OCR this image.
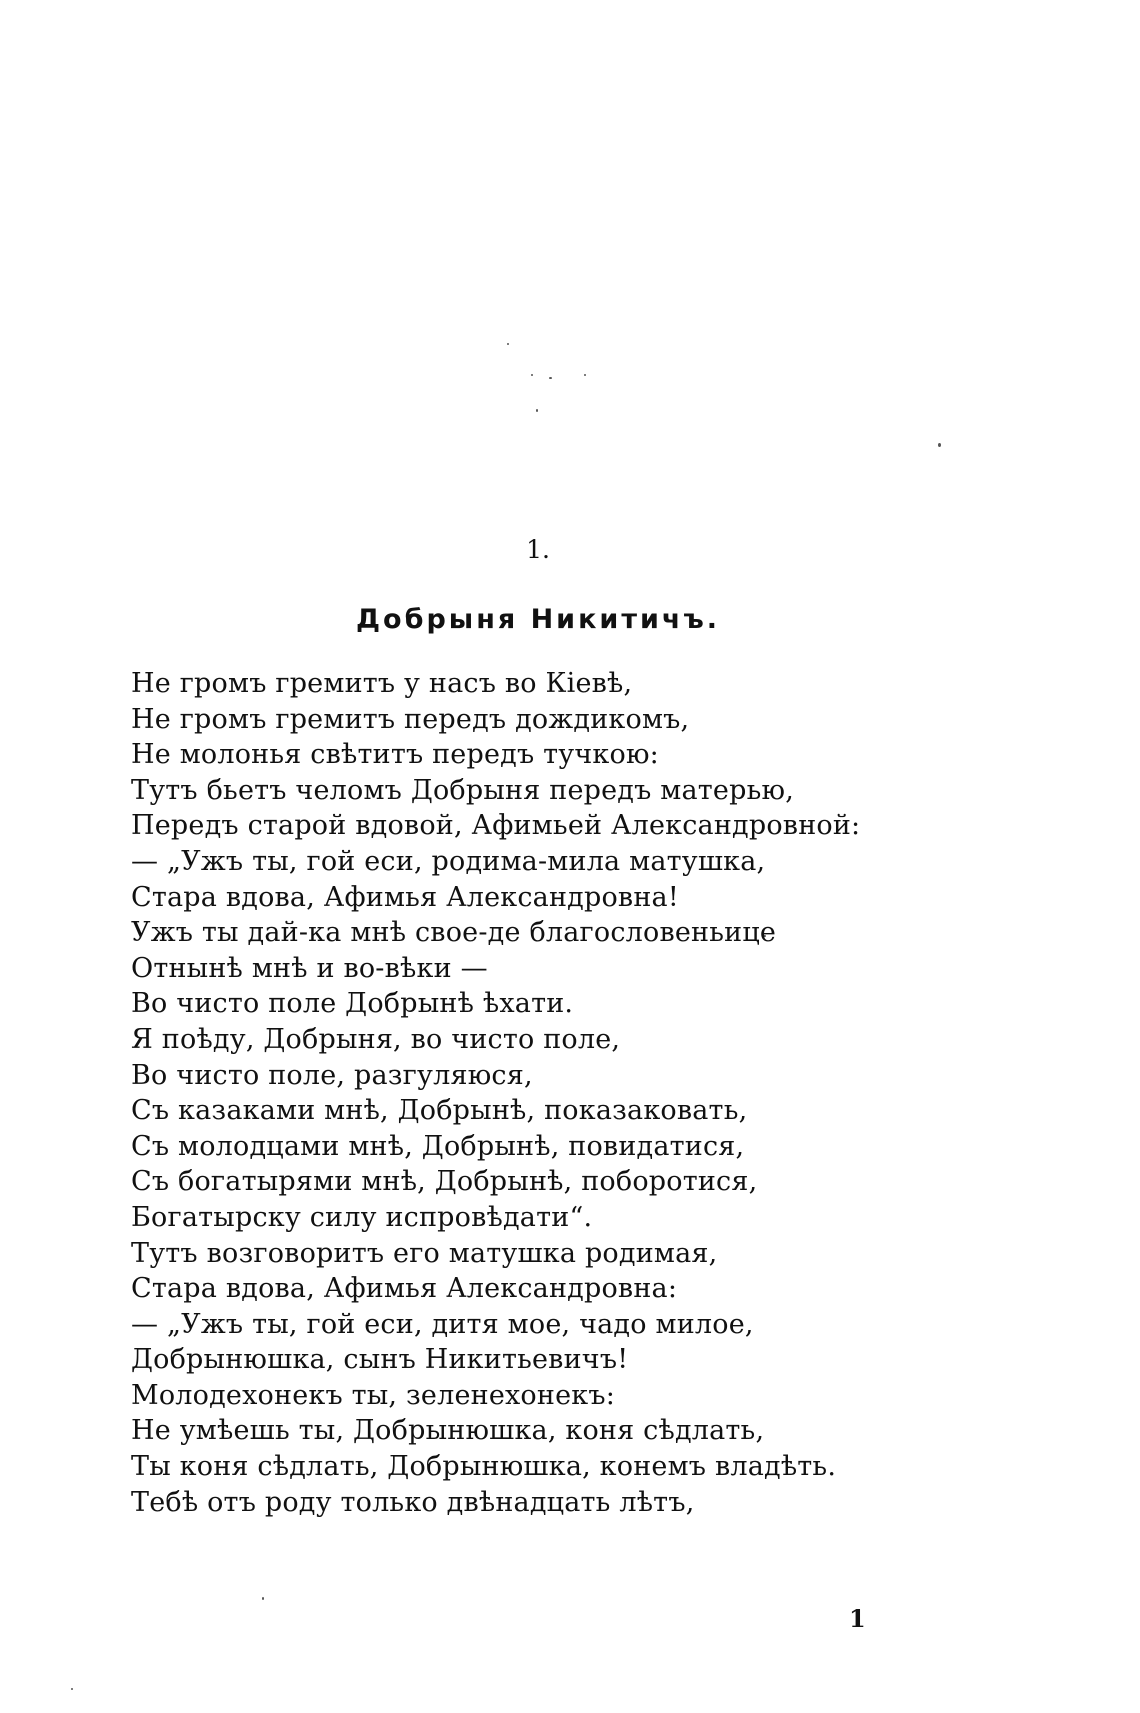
1.
Добрыня Никитичъ.
Не громъ гремитъ у насъ во Кіевѣ,
Не громъ гремитъ передъ дождикомъ,
Не молонья свѣтитъ передъ тучкою:
Тутъ бьетъ челомъ Добрыня передъ матерью,
Передъ старой вдовой, Афимьей Александровной:
— „Ужъ ты, гой еси, родима-мила матушка,
Стара вдова, Афимья Александровна!
Ужъ ты дай-ка мнѣ свое-де благословеньице
Отнынѣ мнѣ и во-вѣки —
Во чисто поле Добрынѣ ѣхати.
Я поѣду, Добрыня, во чисто поле,
Во чисто поле, разгуляюся,
Съ казаками мнѣ, Добрынѣ, показаковать,
Съ молодцами мнѣ, Добрынѣ, повидатися,
Съ богатырями мнѣ, Добрынѣ, поборотися,
Богатырску силу испровѣдати“.
Тутъ возговоритъ его матушка родимая,
Стара вдова, Афимья Александровна:
— „Ужъ ты, гой еси, дитя мое, чадо милое,
Добрынюшка, сынъ Никитьевичъ!
Молодехонекъ ты, зеленехонекъ:
Не умѣешь ты, Добрынюшка, коня сѣдлать,
Ты коня сѣдлать, Добрынюшка, конемъ владѣть.
Тебѣ отъ роду только двѣнадцать лѣтъ,
1
